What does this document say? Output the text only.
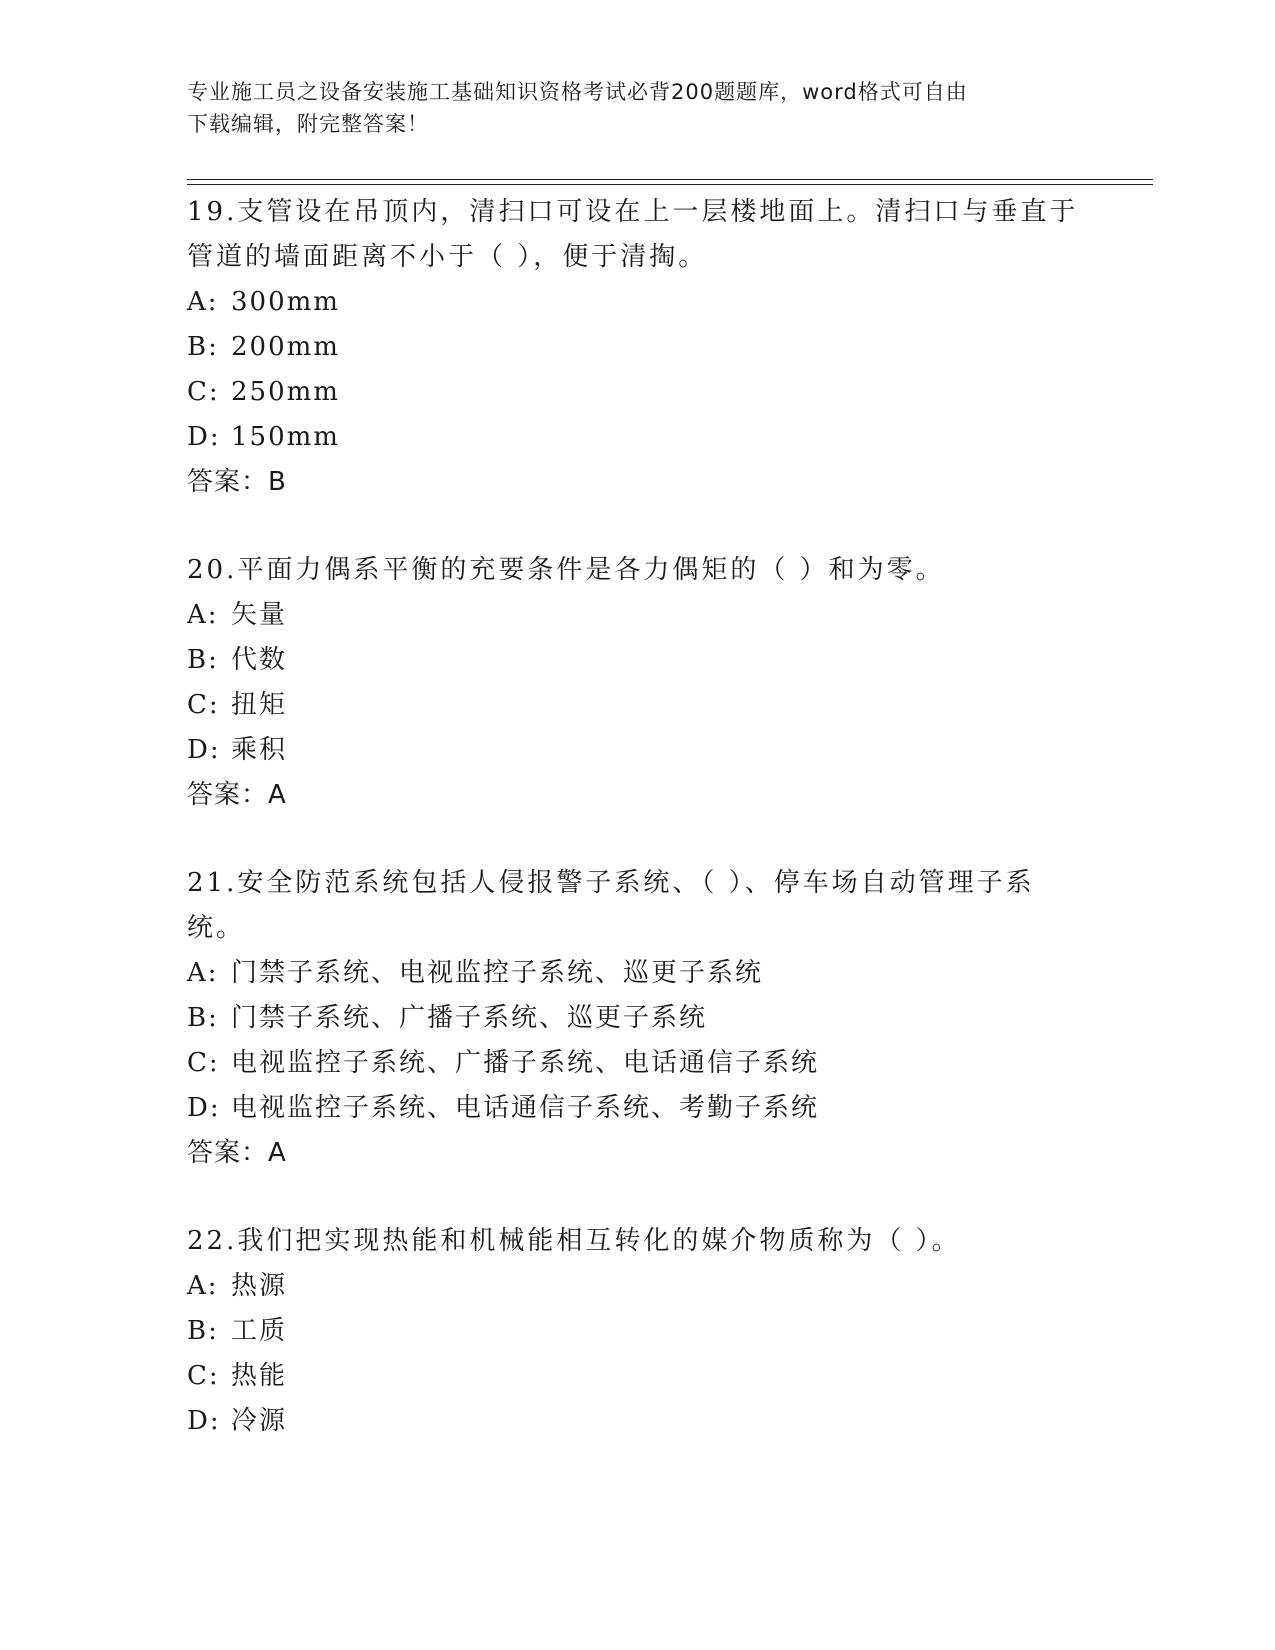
专业施工员之设备安装施工基础知识资格考试必背200题题库，word格式可自由
下载编辑，附完整答案！

19.支管设在吊顶内，清扫口可设在上一层楼地面上。清扫口与垂直于管道的墙面距离不小于（ ），便于清掏。

A: 300mm
B: 200mm
C: 250mm
D: 150mm
答案：B

20.平面力偶系平衡的充要条件是各力偶矩的（ ）和为零。

A: 矢量
B: 代数
C: 扭矩
D: 乘积
答案：A

21.安全防范系统包括人侵报警子系统、（ ）、停车场自动管理子系统。

A: 门禁子系统、电视监控子系统、巡更子系统
B: 门禁子系统、广播子系统、巡更子系统
C: 电视监控子系统、广播子系统、电话通信子系统
D: 电视监控子系统、电话通信子系统、考勤子系统
答案：A

22.我们把实现热能和机械能相互转化的媒介物质称为（ ）。

A: 热源
B: 工质
C: 热能
D: 冷源
